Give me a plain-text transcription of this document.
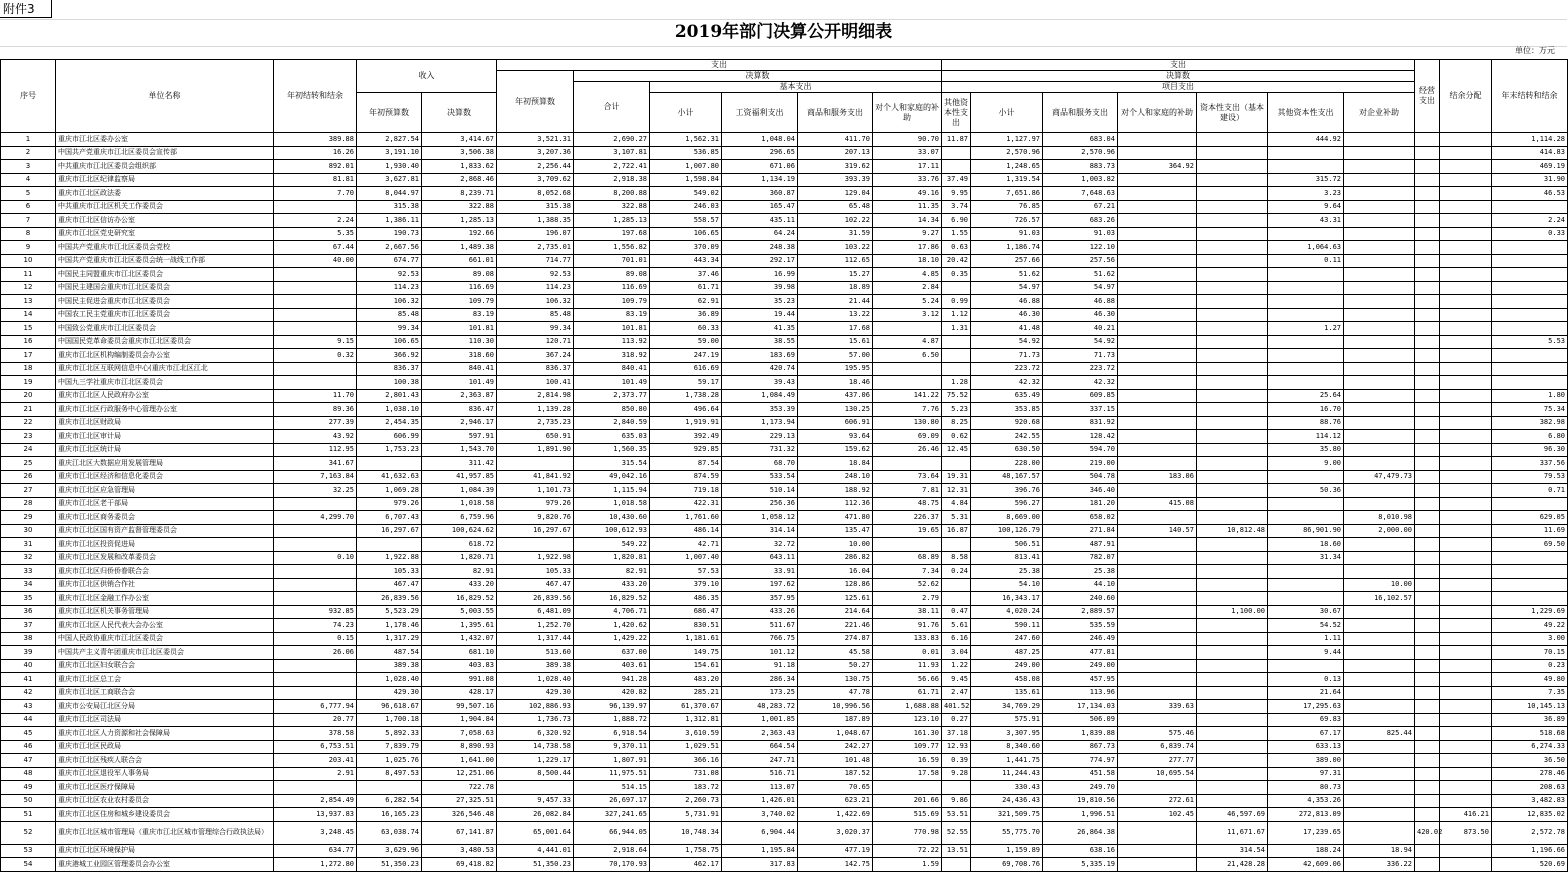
附件3
2019年部门决算公开明细表
单位：万元
序号	单位名称	年初结转和结余	收入		支出						支出							经营支出	结余分配	年末结转和结余
					年初预算数	决算数					决算数									
						合计	基本支出				项目支出									
			年初预算数	决算数			小计	工资福利支出	商品和服务支出	对个人和家庭的补助	其他资本性支出	小计	商品和服务支出	对个人和家庭的补助	资本性支出（基本建设）	其他资本性支出	对企业补助			

1	重庆市江北区委办公室	389.88	2,827.54	3,414.67	3,521.31	2,690.27	1,562.31	1,048.04	411.70	90.70	11.87	1,127.97	683.04			444.92				1,114.28
2	中国共产党重庆市江北区委员会宣传部	16.26	3,191.10	3,506.38	3,207.36	3,107.81	536.85	296.65	207.13	33.07		2,570.96	2,570.96							414.83
3	中共重庆市江北区委员会组织部	892.01	1,930.40	1,833.62	2,256.44	2,722.41	1,007.80	671.06	319.62	17.11		1,248.65	883.73	364.92						469.19
4	重庆市江北区纪律监察局	81.81	3,627.81	2,868.46	3,709.62	2,918.38	1,598.84	1,134.19	393.39	33.76	37.49	1,319.54	1,003.82			315.72				31.90
5	重庆市江北区政法委	7.70	8,044.97	8,239.71	8,052.68	8,200.88	549.02	360.87	129.04	49.16	9.95	7,651.86	7,648.63			3.23				46.53
6	中共重庆市江北区机关工作委员会		315.38	322.88	315.38	322.88	246.03	165.47	65.48	11.35	3.74	76.85	67.21			9.64				
7	重庆市江北区信访办公室	2.24	1,386.11	1,285.13	1,388.35	1,285.13	558.57	435.11	102.22	14.34	6.90	726.57	683.26			43.31				2.24
8	重庆市江北区党史研究室	5.35	190.73	192.66	196.07	197.68	106.65	64.24	31.59	9.27	1.55	91.03	91.03							0.33
9	中国共产党重庆市江北区委员会党校	67.44	2,667.56	1,489.38	2,735.01	1,556.82	370.09	248.38	103.22	17.86	0.63	1,186.74	122.10			1,064.63				
10	中国共产党重庆市江北区委员会统一战线工作部	40.00	674.77	661.01	714.77	701.01	443.34	292.17	112.65	18.10	20.42	257.66	257.56			0.11				
11	中国民主同盟重庆市江北区委员会		92.53	89.08	92.53	89.08	37.46	16.99	15.27	4.85	0.35	51.62	51.62							
12	中国民主建国会重庆市江北区委员会		114.23	116.69	114.23	116.69	61.71	39.98	18.89	2.84		54.97	54.97							
13	中国民主促进会重庆市江北区委员会		106.32	109.79	106.32	109.79	62.91	35.23	21.44	5.24	0.99	46.88	46.88							
14	中国农工民主党重庆市江北区委员会		85.48	83.19	85.48	83.19	36.89	19.44	13.22	3.12	1.12	46.30	46.30							
15	中国致公党重庆市江北区委员会		99.34	101.81	99.34	101.81	60.33	41.35	17.68		1.31	41.48	40.21			1.27				
16	中国国民党革命委员会重庆市江北区委员会	9.15	106.65	110.30	120.71	113.92	59.00	38.55	15.61	4.87		54.92	54.92							5.53
17	重庆市江北区机构编制委员会办公室	0.32	366.92	318.60	367.24	318.92	247.19	183.69	57.00	6.50		71.73	71.73							
18	重庆市江北区互联网信息中心(重庆市江北区江北		836.37	840.41	836.37	840.41	616.69	420.74	195.95			223.72	223.72							
19	中国九三学社重庆市江北区委员会		100.38	101.49	100.41	101.49	59.17	39.43	18.46		1.28	42.32	42.32							
20	重庆市江北区人民政府办公室	11.70	2,801.43	2,363.87	2,814.98	2,373.77	1,738.28	1,084.49	437.06	141.22	75.52	635.49	609.85			25.64				1.80
21	重庆市江北区行政服务中心管理办公室	89.36	1,038.10	836.47	1,139.28	850.80	496.64	353.39	130.25	7.76	5.23	353.85	337.15			16.70				75.34
22	重庆市江北区财政局	277.39	2,454.35	2,946.17	2,735.23	2,840.59	1,919.91	1,173.94	606.91	130.80	8.25	920.68	831.92			88.76				382.98
23	重庆市江北区审计局	43.92	606.99	597.91	650.91	635.03	392.49	229.13	93.64	69.09	0.62	242.55	128.42			114.12				6.80
24	重庆市江北区统计局	112.95	1,753.23	1,543.70	1,891.90	1,560.35	929.85	731.32	159.62	26.46	12.45	630.50	594.70			35.80				96.30
25	重庆江北区大数据应用发展管理局	341.67		311.42		315.54	87.54	68.70	18.84			228.00	219.00			9.00				337.56
26	重庆市江北区经济和信息化委员会	7,163.84	41,632.63	41,957.85	41,841.92	49,042.16	874.59	533.54	248.10	73.64	19.31	48,167.57	504.78	183.06			47,479.73			79.53
27	重庆市江北区应急管理局	32.25	1,069.28	1,084.39	1,101.73	1,115.94	719.18	510.14	188.92	7.81	12.31	396.76	346.40			50.36				0.71
28	重庆市江北区老干部局		979.26	1,018.58	979.26	1,018.58	422.31	256.36	112.36	48.75	4.84	596.27	181.20	415.08						
29	重庆市江北区商务委员会	4,299.70	6,707.43	6,759.96	9,820.76	10,430.60	1,761.60	1,058.12	471.80	226.37	5.31	8,669.00	658.02				8,010.98			629.05
30	重庆市江北区国有资产监督管理委员会		16,297.67	100,624.62	16,297.67	100,612.93	486.14	314.14	135.47	19.65	16.87	100,126.79	271.84	140.57	10,812.48	86,901.90	2,000.00			11.69
31	重庆市江北区投资促进局			618.72		549.22	42.71	32.72	10.00			506.51	487.91			18.60				69.50
32	重庆市江北区发展和改革委员会	0.10	1,922.88	1,820.71	1,922.98	1,820.81	1,007.40	643.11	286.82	68.89	8.58	813.41	782.07			31.34				
33	重庆市江北区归侨侨眷联合会		105.33	82.91	105.33	82.91	57.53	33.91	16.04	7.34	0.24	25.38	25.38							
34	重庆市江北区供销合作社		467.47	433.20	467.47	433.20	379.10	197.62	128.86	52.62		54.10	44.10				10.00			
35	重庆市江北区金融工作办公室		26,839.56	16,829.52	26,839.56	16,829.52	486.35	357.95	125.61	2.79		16,343.17	240.60				16,102.57			
36	重庆市江北区机关事务管理局	932.85	5,523.29	5,003.55	6,481.09	4,706.71	686.47	433.26	214.64	38.11	0.47	4,020.24	2,889.57		1,100.00	30.67				1,229.69
37	重庆市江北区人民代表大会办公室	74.23	1,178.46	1,395.61	1,252.70	1,420.62	830.51	511.67	221.46	91.76	5.61	590.11	535.59			54.52				49.22
38	中国人民政协重庆市江北区委员会	0.15	1,317.29	1,432.07	1,317.44	1,429.22	1,181.61	766.75	274.87	133.83	6.16	247.60	246.49			1.11				3.00
39	中国共产主义青年团重庆市江北区委员会	26.06	487.54	681.10	513.60	637.00	149.75	101.12	45.58	0.01	3.04	487.25	477.81			9.44				70.15
40	重庆市江北区妇女联合会		389.38	403.83	389.38	403.61	154.61	91.18	50.27	11.93	1.22	249.00	249.00							0.23
41	重庆市江北区总工会		1,028.40	991.08	1,028.40	941.28	483.20	286.34	130.75	56.66	9.45	458.08	457.95			0.13				49.80
42	重庆市江北区工商联合会		429.30	428.17	429.30	420.82	285.21	173.25	47.78	61.71	2.47	135.61	113.96			21.64				7.35
43	重庆市公安局江北区分局	6,777.94	96,618.67	99,507.16	102,886.93	96,139.97	61,370.67	48,283.72	10,996.56	1,688.88	401.52	34,769.29	17,134.03	339.63		17,295.63				10,145.13
44	重庆市江北区司法局	20.77	1,700.18	1,904.84	1,736.73	1,888.72	1,312.81	1,001.85	187.89	123.10	0.27	575.91	506.09			69.83				36.89
45	重庆市江北区人力资源和社会保障局	378.58	5,892.33	7,058.63	6,320.92	6,918.54	3,610.59	2,363.43	1,048.67	161.30	37.18	3,307.95	1,839.88	575.46		67.17	825.44			518.68
46	重庆市江北区民政局	6,753.51	7,839.79	8,890.93	14,738.58	9,370.11	1,029.51	664.54	242.27	109.77	12.93	8,340.60	867.73	6,839.74		633.13				6,274.33
47	重庆市江北区残疾人联合会	203.41	1,025.76	1,641.00	1,229.17	1,807.91	366.16	247.71	101.48	16.59	0.39	1,441.75	774.97	277.77		389.00				36.50
48	重庆市江北区退役军人事务局	2.91	8,497.53	12,251.06	8,500.44	11,975.51	731.08	516.71	187.52	17.58	9.28	11,244.43	451.58	10,695.54		97.31				278.46
49	重庆市江北区医疗保障局			722.78		514.15	183.72	113.07	70.65			330.43	249.70			80.73				208.63
50	重庆市江北区农业农村委员会	2,854.49	6,282.54	27,325.51	9,457.33	26,697.17	2,260.73	1,426.01	623.21	201.66	9.86	24,436.43	19,810.56	272.61		4,353.26				3,482.83
51	重庆市江北区住房和城乡建设委员会	13,937.83	16,165.23	326,546.48	26,082.84	327,241.65	5,731.91	3,740.02	1,422.69	515.69	53.51	321,509.75	1,996.51	102.45	46,597.69	272,813.09			416.21	12,835.02
52	重庆市江北区城市管理局（重庆市江北区城市管理综合行政执法局）	3,248.45	63,038.74	67,141.87	65,001.64	66,944.05	10,748.34	6,904.44	3,020.37	770.98	52.55	55,775.70	26,864.38		11,671.67	17,239.65		420.02	873.50	2,572.78
53	重庆市江北区环境保护局	634.77	3,629.96	3,480.53	4,441.01	2,918.64	1,758.75	1,195.84	477.19	72.22	13.51	1,159.89	638.16		314.54	188.24	18.94			1,196.66
54	重庆港城工业园区管理委员会办公室	1,272.80	51,350.23	69,418.82	51,350.23	70,170.93	462.17	317.83	142.75	1.59		69,708.76	5,335.19		21,428.28	42,609.06	336.22			520.69
